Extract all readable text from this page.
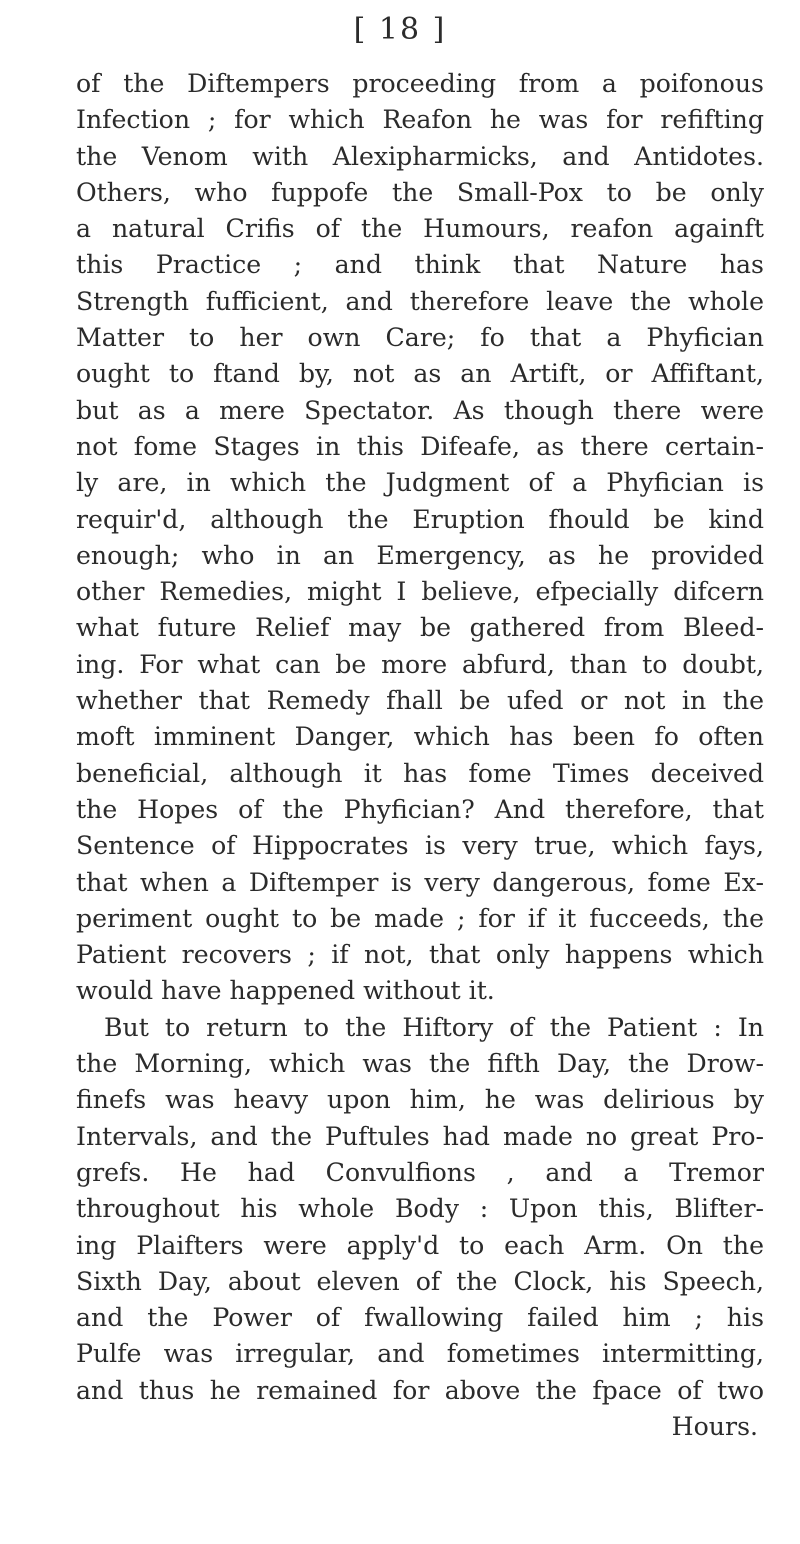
[ 18 ]
of the Diftempers proceeding from a poifonous
Infection ; for which Reafon he was for refifting
the Venom with Alexipharmicks, and Antidotes.
Others, who fuppofe the Small-Pox to be only
a natural Crifis of the Humours, reafon againft
this Practice ; and think that Nature has
Strength fufficient, and therefore leave the whole
Matter to her own Care; fo that a Phyfician
ought to ftand by, not as an Artift, or Affiftant,
but as a mere Spectator. As though there were
not fome Stages in this Difeafe, as there certain-
ly are, in which the Judgment of a Phyfician is
requir'd, although the Eruption fhould be kind
enough; who in an Emergency, as he provided
other Remedies, might I believe, efpecially difcern
what future Relief may be gathered from Bleed-
ing. For what can be more abfurd, than to doubt,
whether that Remedy fhall be ufed or not in the
moft imminent Danger, which has been fo often
beneficial, although it has fome Times deceived
the Hopes of the Phyfician? And therefore, that
Sentence of Hippocrates is very true, which fays,
that when a Diftemper is very dangerous, fome Ex-
periment ought to be made ; for if it fucceeds, the
Patient recovers ; if not, that only happens which
would have happened without it.
But to return to the Hiftory of the Patient : In
the Morning, which was the fifth Day, the Drow-
finefs was heavy upon him, he was delirious by
Intervals, and the Puftules had made no great Pro-
grefs. He had Convulfions , and a Tremor
throughout his whole Body : Upon this, Blifter-
ing Plaifters were apply'd to each Arm. On the
Sixth Day, about eleven of the Clock, his Speech,
and the Power of fwallowing failed him ; his
Pulfe was irregular, and fometimes intermitting,
and thus he remained for above the fpace of two
Hours.
